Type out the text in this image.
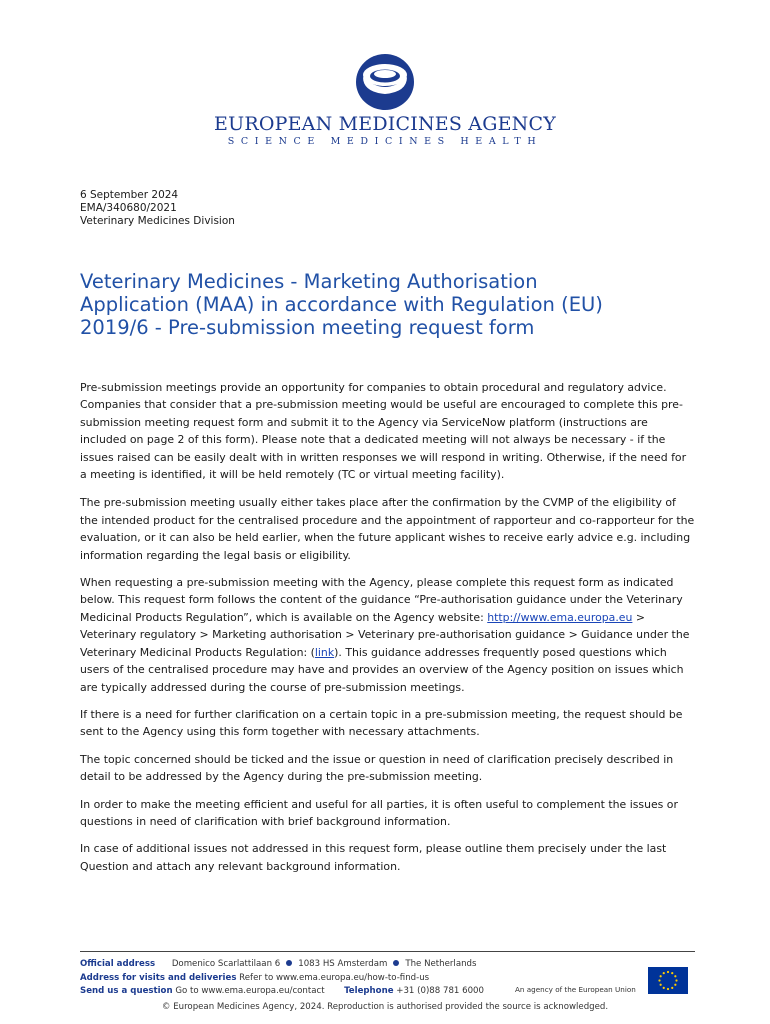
EUROPEAN MEDICINES AGENCY
SCIENCE MEDICINES HEALTH
6 September 2024
EMA/340680/2021
Veterinary Medicines Division
Veterinary Medicines - Marketing Authorisation
Application (MAA) in accordance with Regulation (EU)
2019/6 - Pre-submission meeting request form

Pre-submission meetings provide an opportunity for companies to obtain procedural and regulatory advice. Companies that consider that a pre-submission meeting would be useful are encouraged to complete this pre-submission meeting request form and submit it to the Agency via ServiceNow platform (instructions are included on page 2 of this form). Please note that a dedicated meeting will not always be necessary - if the issues raised can be easily dealt with in written responses we will respond in writing. Otherwise, if the need for a meeting is identified, it will be held remotely (TC or virtual meeting facility).

The pre-submission meeting usually either takes place after the confirmation by the CVMP of the eligibility of the intended product for the centralised procedure and the appointment of rapporteur and co-rapporteur for the evaluation, or it can also be held earlier, when the future applicant wishes to receive early advice e.g. including information regarding the legal basis or eligibility.

When requesting a pre-submission meeting with the Agency, please complete this request form as indicated below. This request form follows the content of the guidance “Pre-authorisation guidance under the Veterinary Medicinal Products Regulation”, which is available on the Agency website: http://www.ema.europa.eu > Veterinary regulatory > Marketing authorisation > Veterinary pre-authorisation guidance > Guidance under the Veterinary Medicinal Products Regulation: (link). This guidance addresses frequently posed questions which users of the centralised procedure may have and provides an overview of the Agency position on issues which are typically addressed during the course of pre-submission meetings.

If there is a need for further clarification on a certain topic in a pre-submission meeting, the request should be sent to the Agency using this form together with necessary attachments.

The topic concerned should be ticked and the issue or question in need of clarification precisely described in detail to be addressed by the Agency during the pre-submission meeting.

In order to make the meeting efficient and useful for all parties, it is often useful to complement the issues or questions in need of clarification with brief background information.

In case of additional issues not addressed in this request form, please outline them precisely under the last Question and attach any relevant background information.

Official address Domenico Scarlattilaan 6 1083 HS Amsterdam The Netherlands
Address for visits and deliveries Refer to www.ema.europa.eu/how-to-find-us
Send us a question Go to www.ema.europa.eu/contact Telephone +31 (0)88 781 6000	An agency of the European Union
© European Medicines Agency, 2024. Reproduction is authorised provided the source is acknowledged.
